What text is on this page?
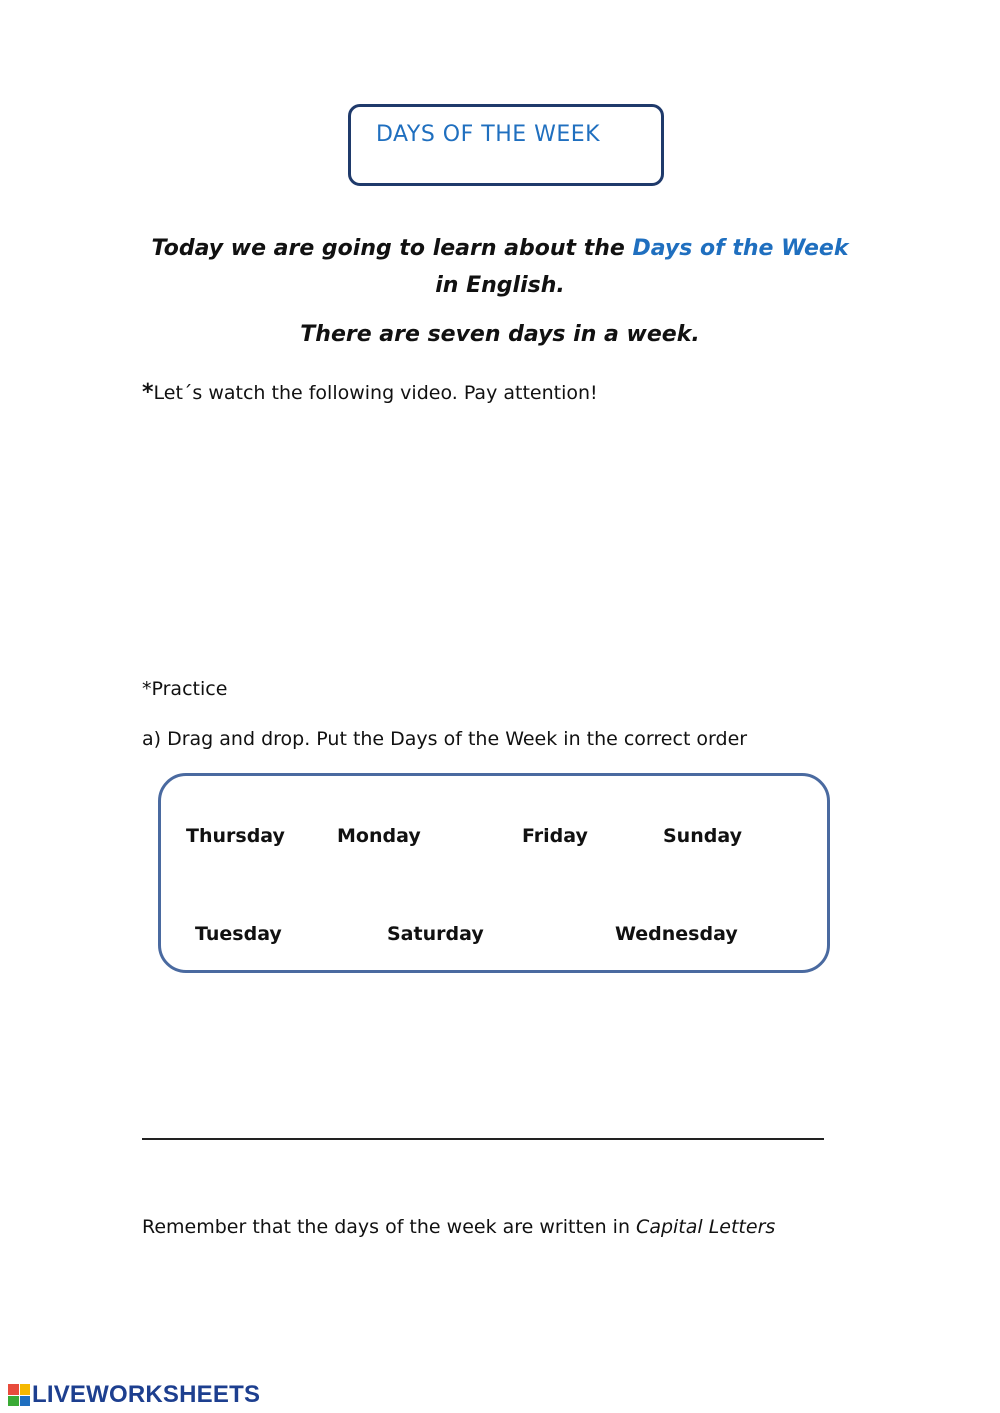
DAYS OF THE WEEK
Today we are going to learn about the Days of the Week in English.
There are seven days in a week.
*Let´s watch the following video. Pay attention!
*Practice
a) Drag and drop. Put the Days of the Week in the correct order
Thursday	Monday	Friday	Sunday
Tuesday	Saturday	Wednesday
Remember that the days of the week are written in Capital Letters
LIVEWORKSHEETS
